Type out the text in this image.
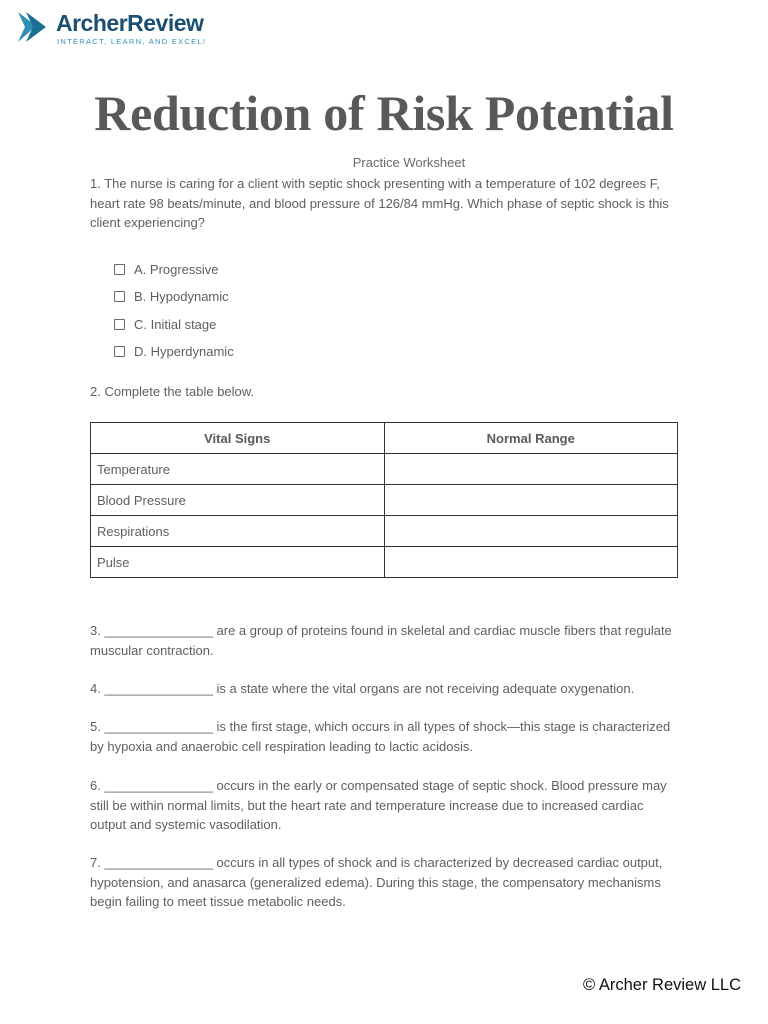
ArcherReview
INTERACT, LEARN, AND EXCEL!
Reduction of Risk Potential
Practice Worksheet
1. The nurse is caring for a client with septic shock presenting with a temperature of 102 degrees F, heart rate 98 beats/minute, and blood pressure of 126/84 mmHg. Which phase of septic shock is this client experiencing?
A. Progressive
B. Hypodynamic
C. Initial stage
D. Hyperdynamic
2. Complete the table below.
Vital Signs	Normal Range
Temperature	
Blood Pressure	
Respirations	
Pulse	
3. _______________ are a group of proteins found in skeletal and cardiac muscle fibers that regulate muscular contraction.
4. _______________ is a state where the vital organs are not receiving adequate oxygenation.
5. _______________ is the first stage, which occurs in all types of shock—this stage is characterized by hypoxia and anaerobic cell respiration leading to lactic acidosis.
6. _______________ occurs in the early or compensated stage of septic shock. Blood pressure may still be within normal limits, but the heart rate and temperature increase due to increased cardiac output and systemic vasodilation.
7. _______________ occurs in all types of shock and is characterized by decreased cardiac output, hypotension, and anasarca (generalized edema). During this stage, the compensatory mechanisms begin failing to meet tissue metabolic needs.
© Archer Review LLC
